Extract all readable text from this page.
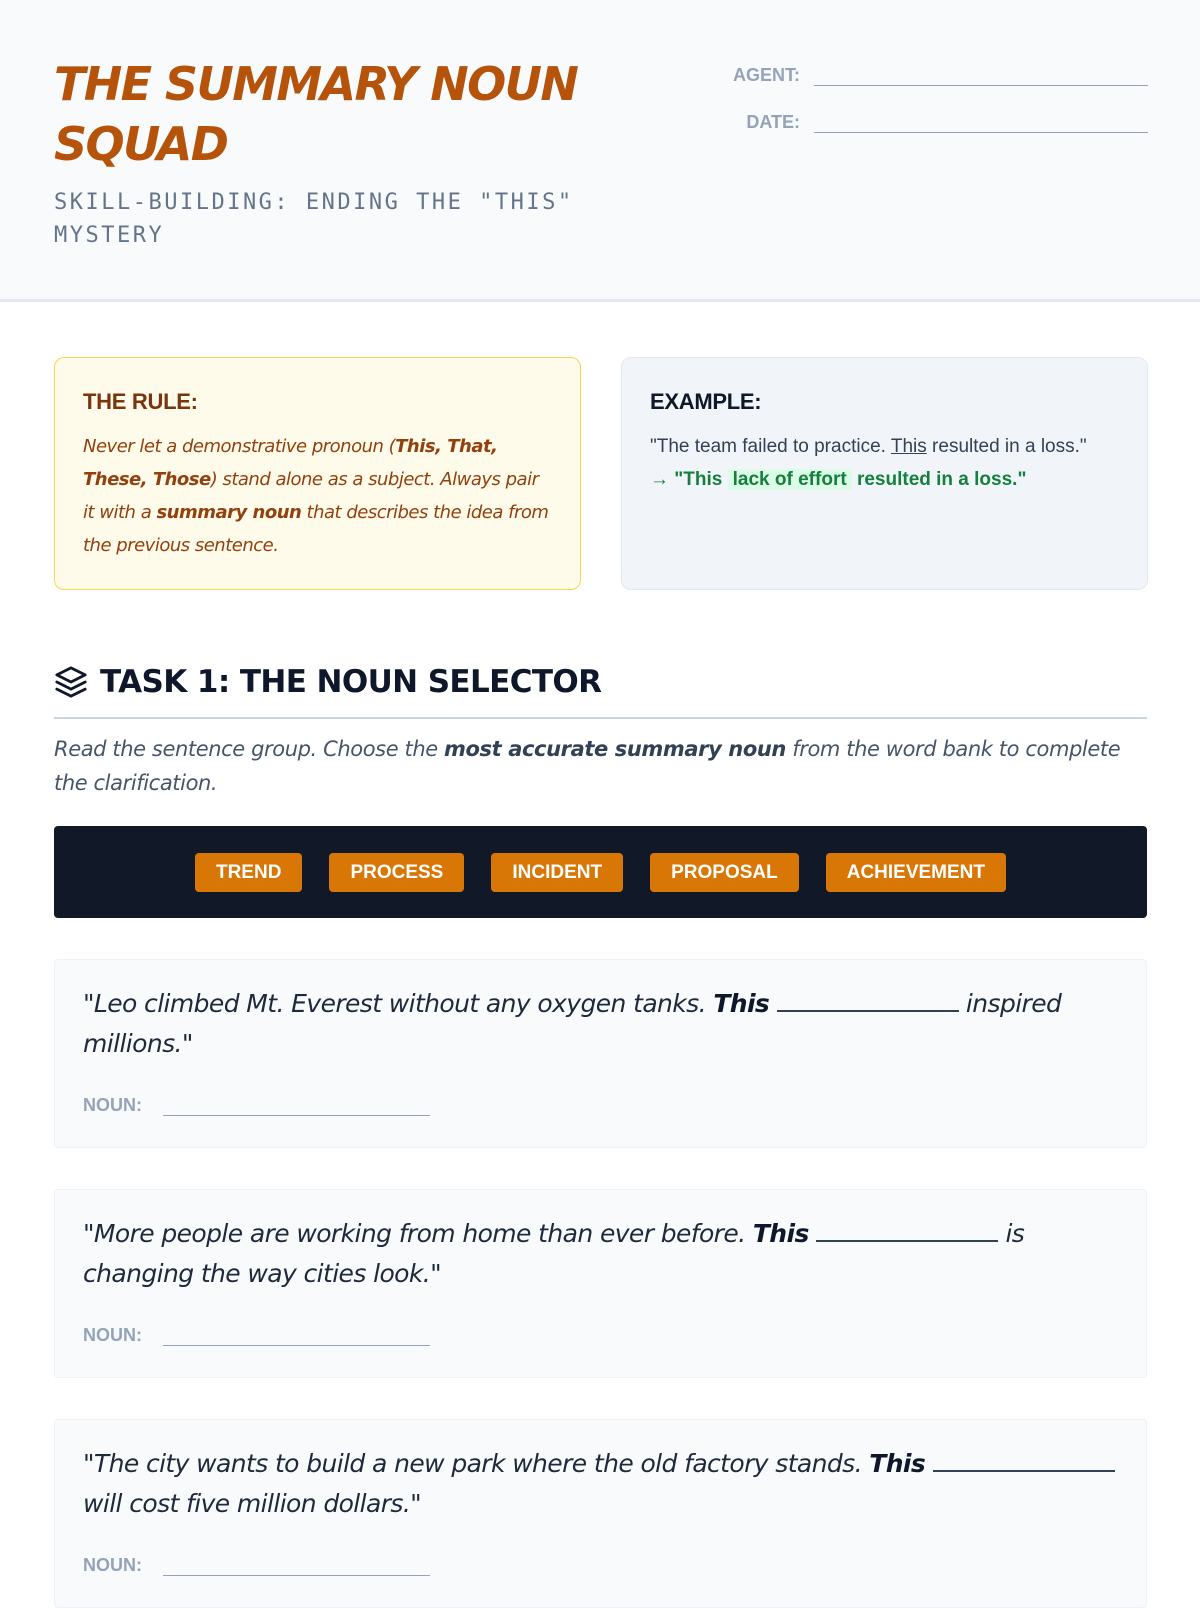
THE SUMMARY NOUN SQUAD
SKILL-BUILDING: ENDING THE "THIS" MYSTERY
AGENT:
DATE:
THE RULE:

Never let a demonstrative pronoun (This, That, These, Those) stand alone as a subject. Always pair it with a summary noun that describes the idea from the previous sentence.

EXAMPLE:

"The team failed to practice. This resulted in a loss."

→ "This lack of effort resulted in a loss."

TASK 1: THE NOUN SELECTOR

Read the sentence group. Choose the most accurate summary noun from the word bank to complete the clarification.

TREND	PROCESS	INCIDENT	PROPOSAL	ACHIEVEMENT

"Leo climbed Mt. Everest without any oxygen tanks. This	inspired millions."

NOUN:

"More people are working from home than ever before. This	is changing the way cities look."

NOUN:

"The city wants to build a new park where the old factory stands. This  will cost five million dollars."

NOUN:
